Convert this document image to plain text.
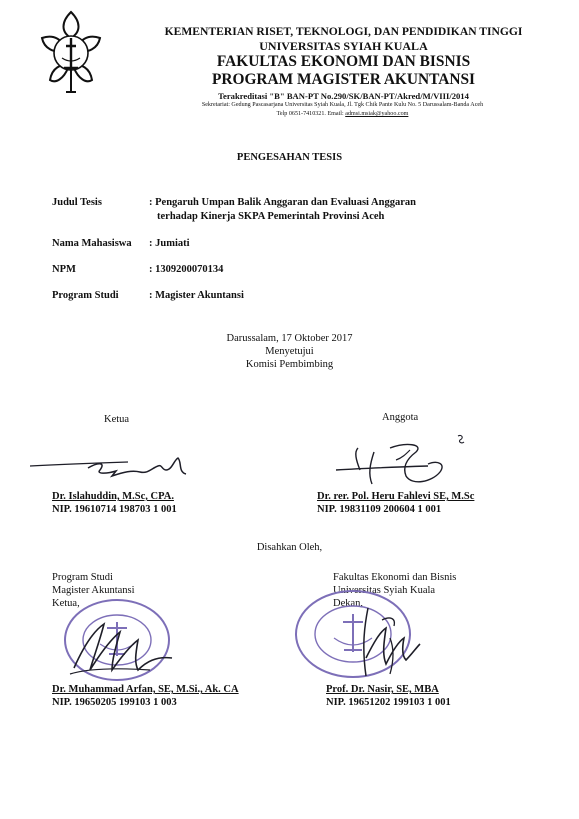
KEMENTERIAN RISET, TEKNOLOGI, DAN PENDIDIKAN TINGGI
UNIVERSITAS SYIAH KUALA
FAKULTAS EKONOMI DAN BISNIS
PROGRAM MAGISTER AKUNTANSI
Terakreditasi "B" BAN-PT No.290/SK/BAN-PT/Akred/M/VIII/2014
Sekretariat: Gedung Pascasarjana Universitas Syiah Kuala, Jl. Tgk Chik Pante Kulu No. 5 Darussalam-Banda Aceh
Telp 0651-7410321. Email: admsi.msiak@yahoo.com
PENGESAHAN TESIS
Judul Tesis	: Pengaruh Umpan Balik Anggaran dan Evaluasi Anggaran
terhadap Kinerja SKPA Pemerintah Provinsi Aceh
Nama Mahasiswa : Jumiati
NPM	: 1309200070134
Program Studi	: Magister Akuntansi
Darussalam, 17 Oktober 2017
Menyetujui
Komisi Pembimbing
Ketua	Anggota
Dr. Islahuddin, M.Sc, CPA.
NIP. 19610714 198703 1 001
Dr. rer. Pol. Heru Fahlevi SE, M.Sc
NIP. 19831109 200604 1 001
Disahkan Oleh,
Program Studi
Magister Akuntansi
Ketua,
Fakultas Ekonomi dan Bisnis
Universitas Syiah Kuala
Dekan,
Dr. Muhammad Arfan, SE, M.Si., Ak. CA
NIP. 19650205 199103 1 003
Prof. Dr. Nasir, SE, MBA
NIP. 19651202 199103 1 001
